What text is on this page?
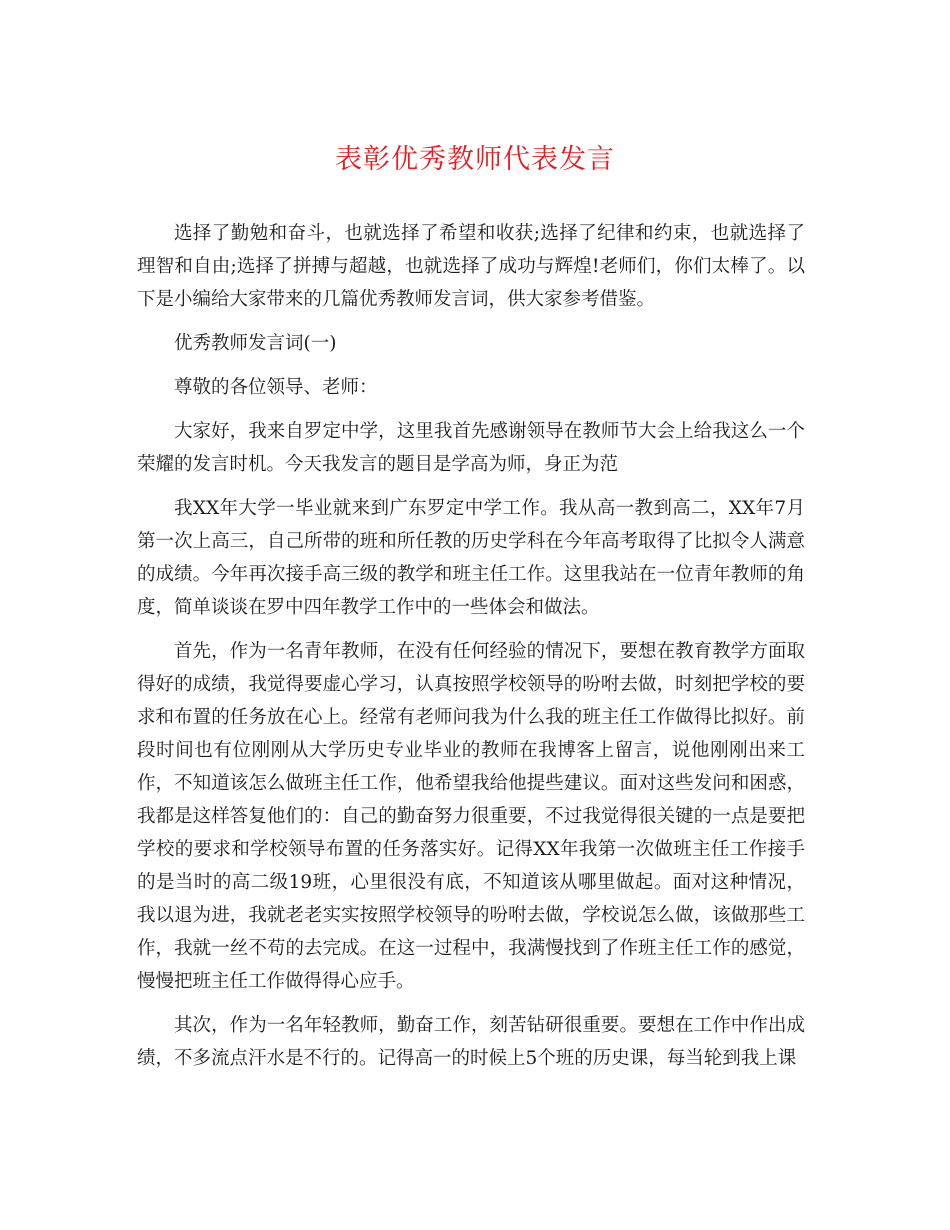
表彰优秀教师代表发言

选择了勤勉和奋斗，也就选择了希望和收获;选择了纪律和约束，也就选择了理智和自由;选择了拼搏与超越，也就选择了成功与辉煌!老师们，你们太棒了。以下是小编给大家带来的几篇优秀教师发言词，供大家参考借鉴。

优秀教师发言词(一)

尊敬的各位领导、老师：

大家好，我来自罗定中学，这里我首先感谢领导在教师节大会上给我这么一个荣耀的发言时机。今天我发言的题目是学高为师，身正为范

我XX年大学一毕业就来到广东罗定中学工作。我从高一教到高二，XX年7月第一次上高三，自己所带的班和所任教的历史学科在今年高考取得了比拟令人满意的成绩。今年再次接手高三级的教学和班主任工作。这里我站在一位青年教师的角度，简单谈谈在罗中四年教学工作中的一些体会和做法。

首先，作为一名青年教师，在没有任何经验的情况下，要想在教育教学方面取得好的成绩，我觉得要虚心学习，认真按照学校领导的吩咐去做，时刻把学校的要求和布置的任务放在心上。经常有老师问我为什么我的班主任工作做得比拟好。前段时间也有位刚刚从大学历史专业毕业的教师在我博客上留言，说他刚刚出来工作，不知道该怎么做班主任工作，他希望我给他提些建议。面对这些发问和困惑，我都是这样答复他们的：自己的勤奋努力很重要，不过我觉得很关键的一点是要把学校的要求和学校领导布置的任务落实好。记得XX年我第一次做班主任工作接手的是当时的高二级19班，心里很没有底，不知道该从哪里做起。面对这种情况，我以退为进，我就老老实实按照学校领导的吩咐去做，学校说怎么做，该做那些工作，我就一丝不苟的去完成。在这一过程中，我满慢找到了作班主任工作的感觉，慢慢把班主任工作做得得心应手。

其次，作为一名年轻教师，勤奋工作，刻苦钻研很重要。要想在工作中作出成绩，不多流点汗水是不行的。记得高一的时候上5个班的历史课，每当轮到我上课
